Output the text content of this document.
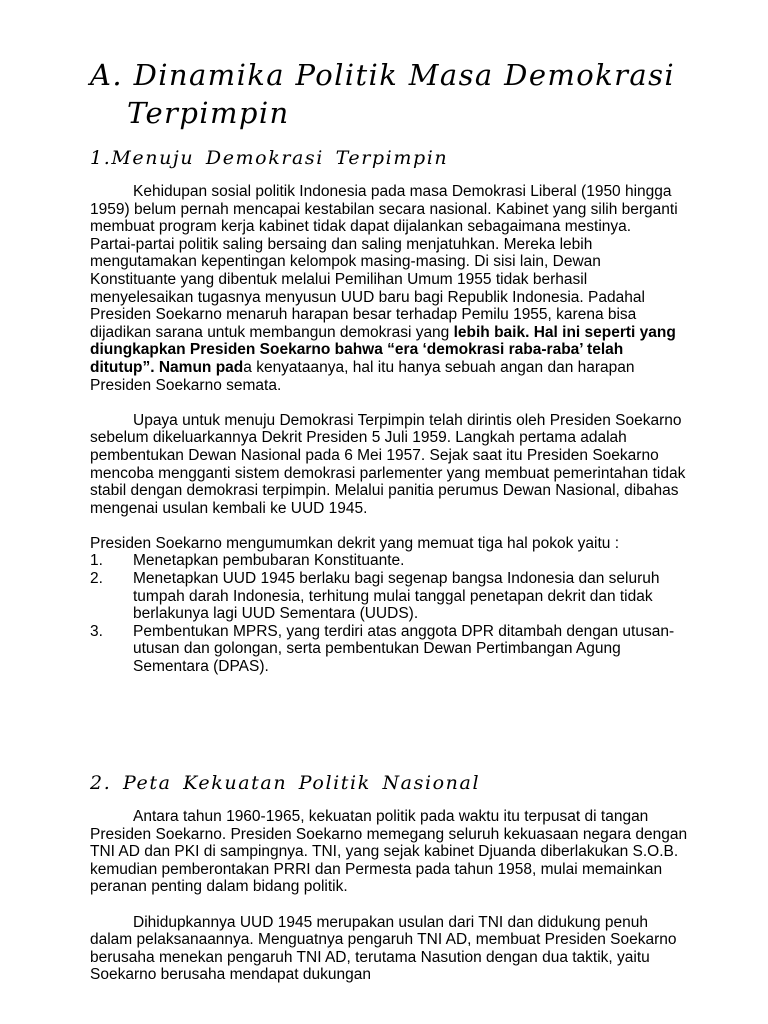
A. Dinamika Politik Masa Demokrasi
Terpimpin
1.Menuju Demokrasi Terpimpin

Kehidupan sosial politik Indonesia pada masa Demokrasi Liberal (1950 hingga 1959) belum pernah mencapai kestabilan secara nasional. Kabinet yang silih berganti membuat program kerja kabinet tidak dapat dijalankan sebagaimana mestinya.

Partai-partai politik saling bersaing dan saling menjatuhkan. Mereka lebih mengutamakan kepentingan kelompok masing-masing. Di sisi lain, Dewan Konstituante yang dibentuk melalui Pemilihan Umum 1955 tidak berhasil menyelesaikan tugasnya menyusun UUD baru bagi Republik Indonesia. Padahal Presiden Soekarno menaruh harapan besar terhadap Pemilu 1955, karena bisa dijadikan sarana untuk membangun demokrasi yang lebih baik. Hal ini seperti yang diungkapkan Presiden Soekarno bahwa “era ‘demokrasi raba-raba’ telah ditutup”. Namun pada kenyataanya, hal itu hanya sebuah angan dan harapan Presiden Soekarno semata.

Upaya untuk menuju Demokrasi Terpimpin telah dirintis oleh Presiden Soekarno sebelum dikeluarkannya Dekrit Presiden 5 Juli 1959. Langkah pertama adalah pembentukan Dewan Nasional pada 6 Mei 1957. Sejak saat itu Presiden Soekarno mencoba mengganti sistem demokrasi parlementer yang membuat pemerintahan tidak stabil dengan demokrasi terpimpin. Melalui panitia perumus Dewan Nasional, dibahas mengenai usulan kembali ke UUD 1945.

Presiden Soekarno mengumumkan dekrit yang memuat tiga hal pokok yaitu :

1. Menetapkan pembubaran Konstituante.
2. Menetapkan UUD 1945 berlaku bagi segenap bangsa Indonesia dan seluruh tumpah darah Indonesia, terhitung mulai tanggal penetapan dekrit dan tidak berlakunya lagi UUD Sementara (UUDS).
3. Pembentukan MPRS, yang terdiri atas anggota DPR ditambah dengan utusan-utusan dan golongan, serta pembentukan Dewan Pertimbangan Agung Sementara (DPAS).
2. Peta Kekuatan Politik Nasional

Antara tahun 1960-1965, kekuatan politik pada waktu itu terpusat di tangan Presiden Soekarno. Presiden Soekarno memegang seluruh kekuasaan negara dengan TNI AD dan PKI di sampingnya. TNI, yang sejak kabinet Djuanda diberlakukan S.O.B. kemudian pemberontakan PRRI dan Permesta pada tahun 1958, mulai memainkan peranan penting dalam bidang politik.

Dihidupkannya UUD 1945 merupakan usulan dari TNI dan didukung penuh dalam pelaksanaannya. Menguatnya pengaruh TNI AD, membuat Presiden Soekarno berusaha menekan pengaruh TNI AD, terutama Nasution dengan dua taktik, yaitu Soekarno berusaha mendapat dukungan
